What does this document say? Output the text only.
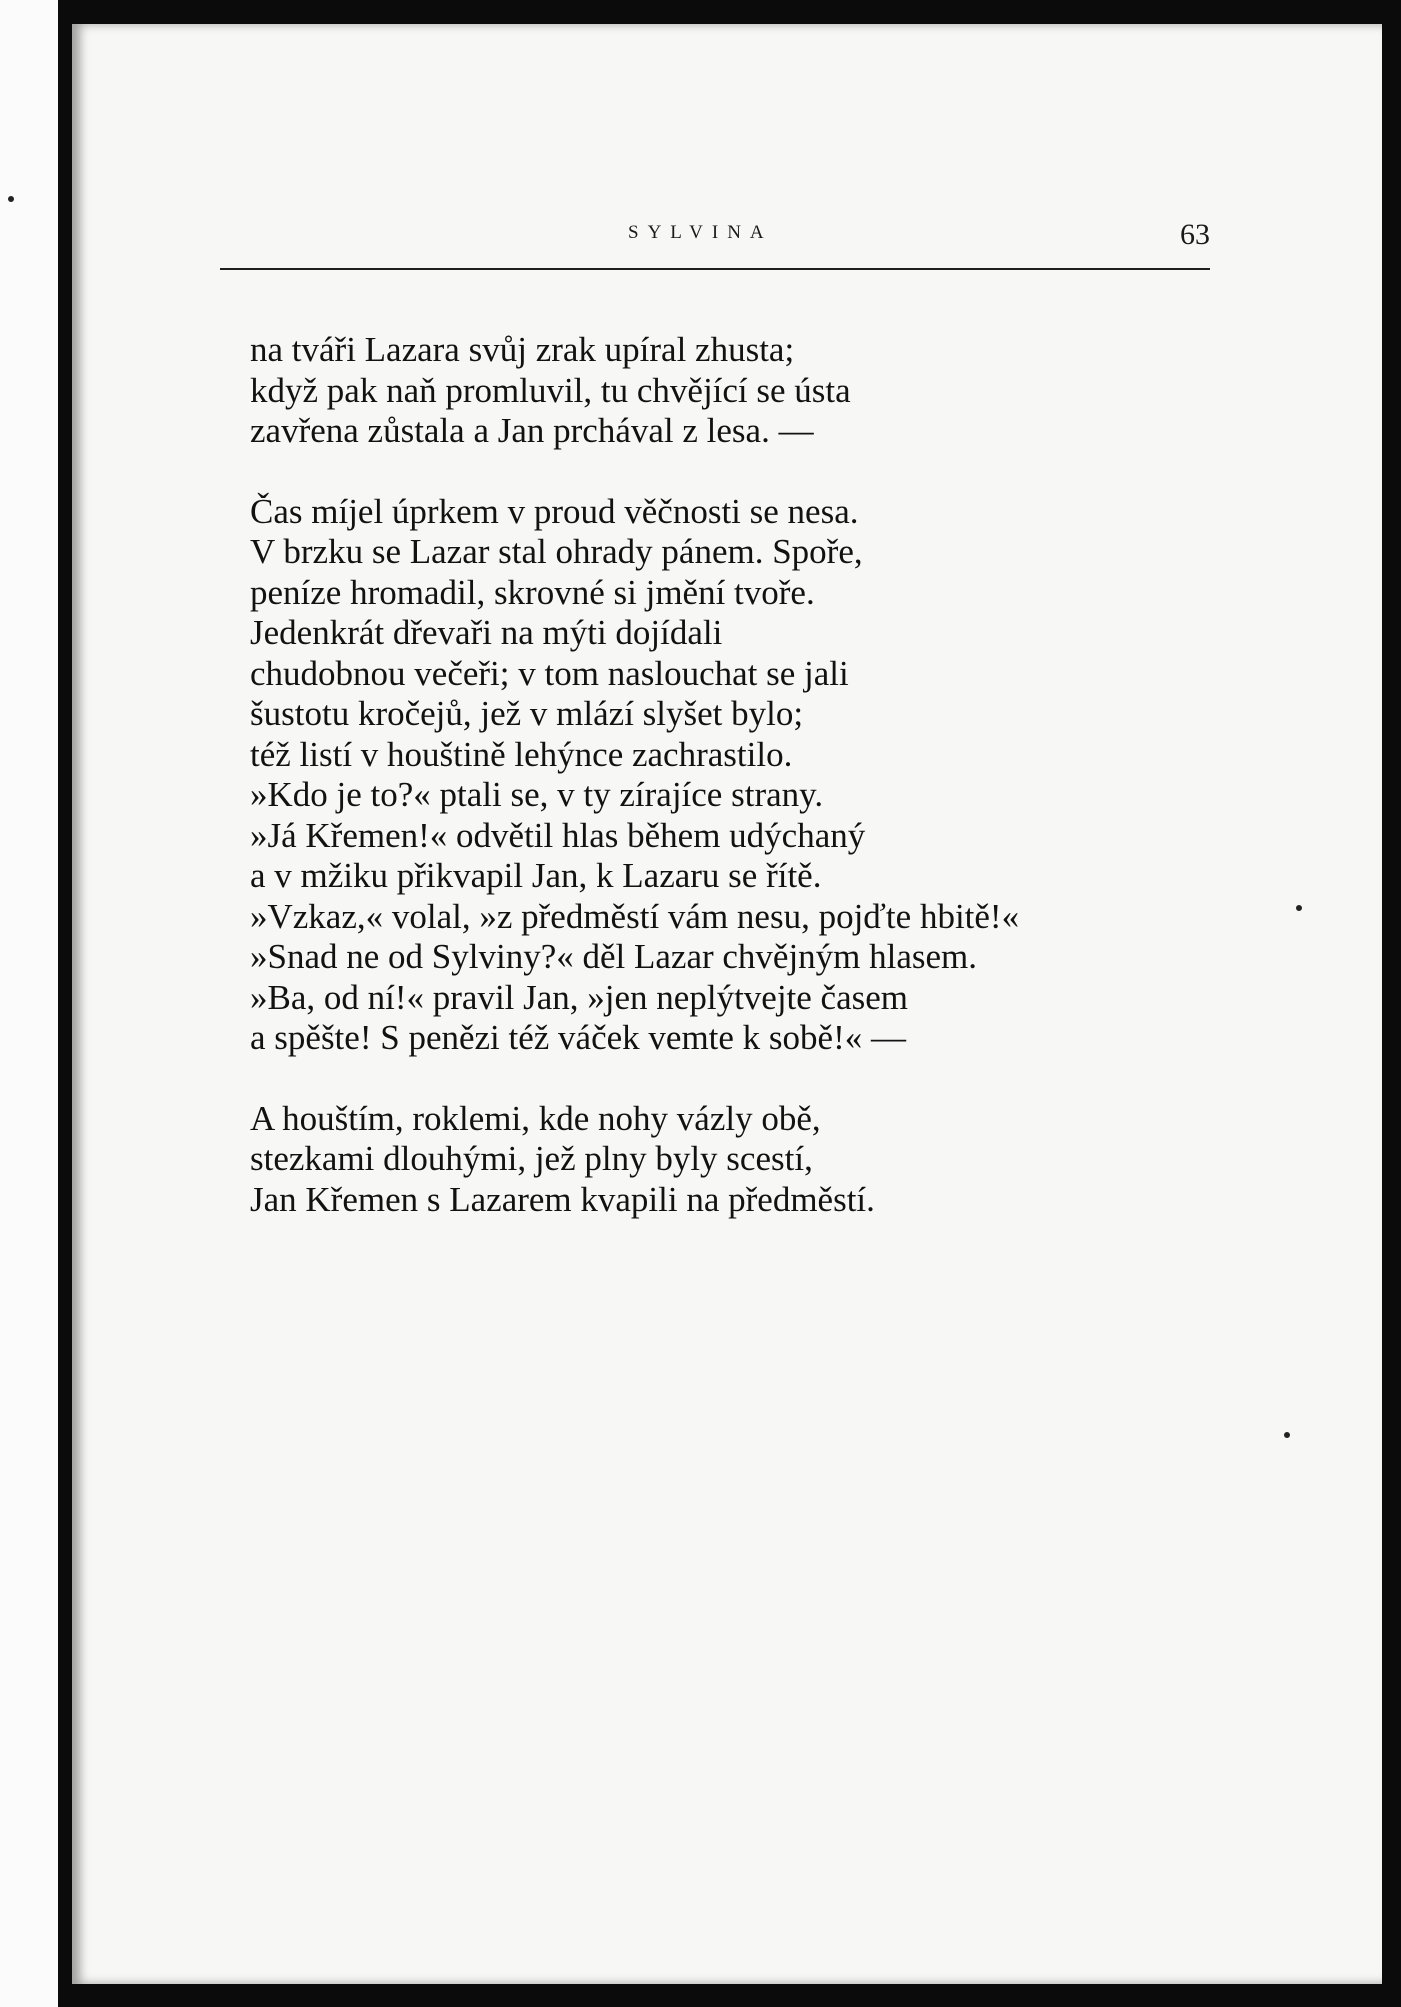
SYLVINA	63
na tváři Lazara svůj zrak upíral zhusta;
když pak naň promluvil, tu chvějící se ústa
zavřena zůstala a Jan prchával z lesa. —
Čas míjel úprkem v proud věčnosti se nesa.
V brzku se Lazar stal ohrady pánem. Spoře,
peníze hromadil, skrovné si jmění tvoře.
Jedenkrát dřevaři na mýti dojídali
chudobnou večeři; v tom naslouchat se jali
šustotu kročejů, jež v mlází slyšet bylo;
též listí v houštině lehýnce zachrastilo.
»Kdo je to?« ptali se, v ty zírajíce strany.
»Já Křemen!« odvětil hlas během udýchaný
a v mžiku přikvapil Jan, k Lazaru se řítě.
»Vzkaz,« volal, »z předměstí vám nesu, pojďte hbitě!«
»Snad ne od Sylviny?« děl Lazar chvějným hlasem.
»Ba, od ní!« pravil Jan, »jen neplýtvejte časem
a spěšte! S penězi též váček vemte k sobě!« —
A houštím, roklemi, kde nohy vázly obě,
stezkami dlouhými, jež plny byly scestí,
Jan Křemen s Lazarem kvapili na předměstí.
